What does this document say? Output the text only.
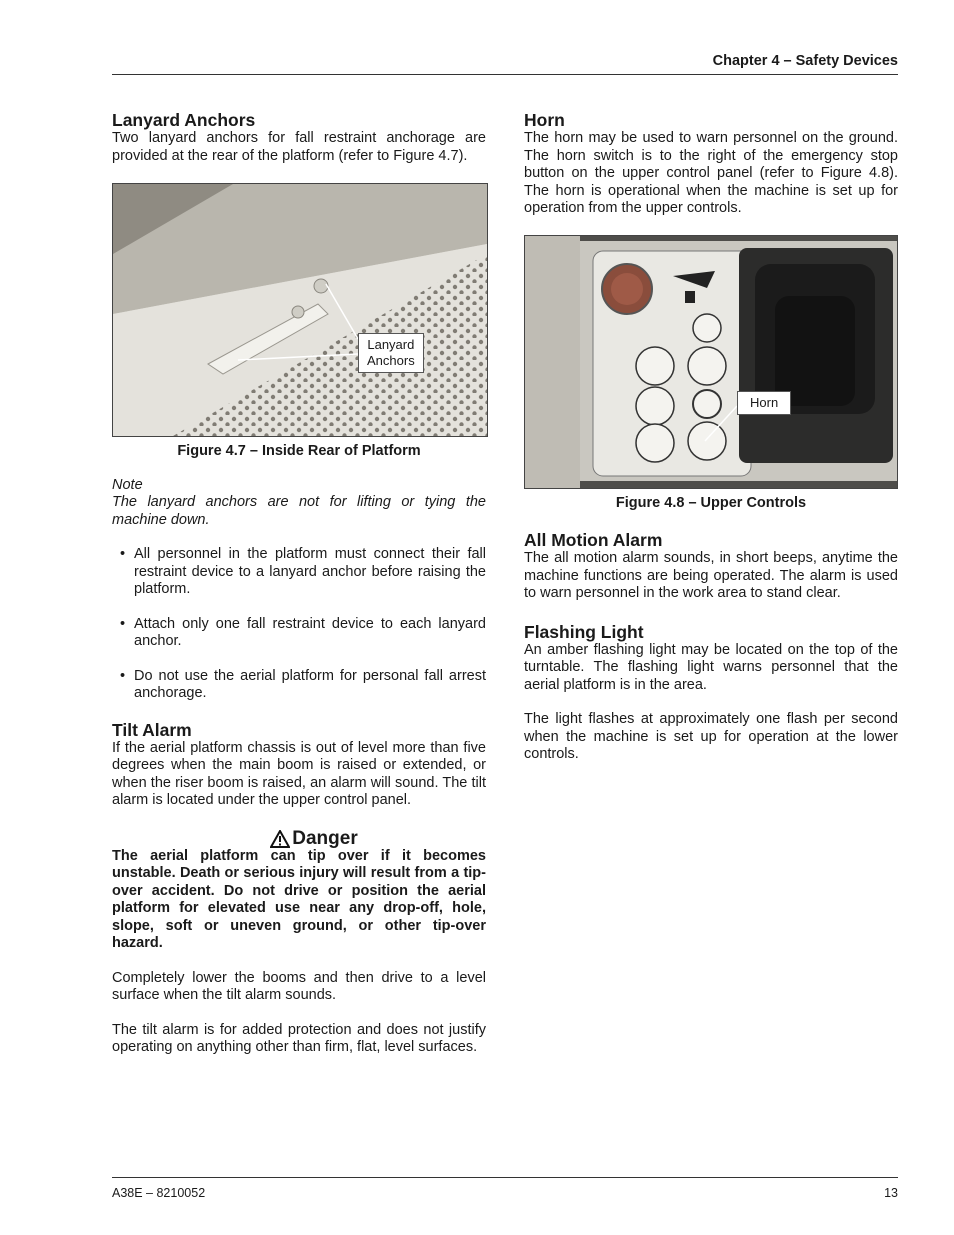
Chapter 4 – Safety Devices
Lanyard Anchors

Two lanyard anchors for fall restraint anchorage are provided at the rear of the platform (refer to Figure 4.7).

Lanyard
Anchors
Figure 4.7 – Inside Rear of Platform
Note

The lanyard anchors are not for lifting or tying the machine down.

• All personnel in the platform must connect their fall restraint device to a lanyard anchor before raising the platform.
• Attach only one fall restraint device to each lanyard anchor.
• Do not use the aerial platform for personal fall arrest anchorage.
Tilt Alarm

If the aerial platform chassis is out of level more than five degrees when the main boom is raised or extended, or when the riser boom is raised, an alarm will sound. The tilt alarm is located under the upper control panel.

Danger

The aerial platform can tip over if it becomes unstable. Death or serious injury will result from a tip-over accident. Do not drive or position the aerial platform for elevated use near any drop-off, hole, slope, soft or uneven ground, or other tip-over hazard.

Completely lower the booms and then drive to a level surface when the tilt alarm sounds.

The tilt alarm is for added protection and does not justify operating on anything other than firm, flat, level surfaces.

Horn

The horn may be used to warn personnel on the ground. The horn switch is to the right of the emergency stop button on the upper control panel (refer to Figure 4.8). The horn is operational when the machine is set up for operation from the upper controls.

Horn
Figure 4.8 – Upper Controls
All Motion Alarm

The all motion alarm sounds, in short beeps, anytime the machine functions are being operated. The alarm is used to warn personnel in the work area to stand clear.

Flashing Light

An amber flashing light may be located on the top of the turntable. The flashing light warns personnel that the aerial platform is in the area.

The light flashes at approximately one flash per second when the machine is set up for operation at the lower controls.

A38E – 8210052	13
